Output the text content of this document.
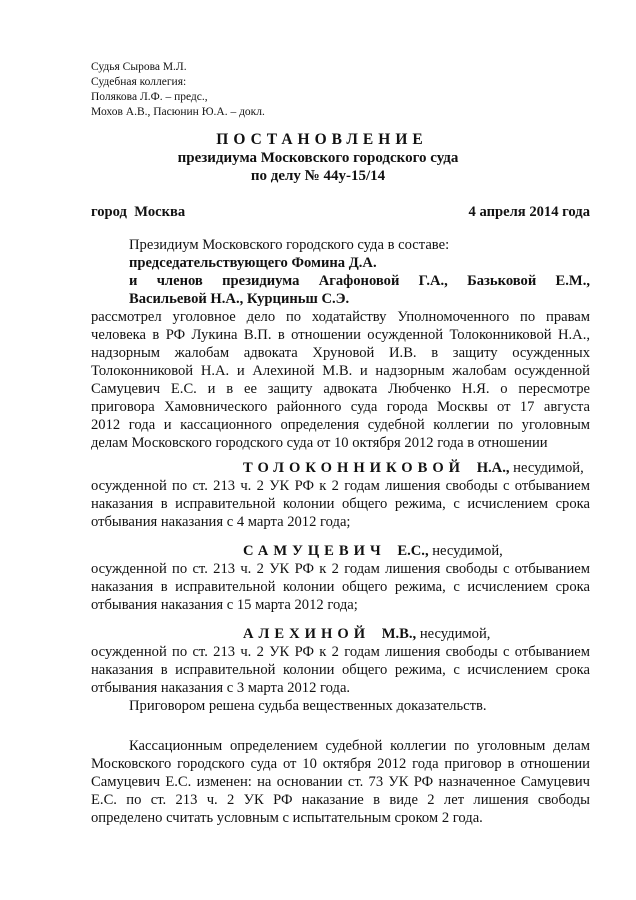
Судья Сырова М.Л.
Судебная коллегия:
Полякова Л.Ф. – предс.,
Мохов А.В., Пасюнин Ю.А. – докл.
ПОСТАНОВЛЕНИЕ
президиума Московского городского суда
по делу № 44у-15/14
город  Москва	4 апреля 2014 года
Президиум Московского городского суда в составе:
председательствующего Фомина Д.А.
и членов президиума Агафоновой Г.А., Базьковой Е.М.,
Васильевой Н.А., Курциньш С.Э.
рассмотрел уголовное дело по ходатайству Уполномоченного по правам
человека в РФ Лукина В.П. в отношении осужденной Толоконниковой Н.А.,
надзорным жалобам адвоката Хруновой И.В. в защиту осужденных
Толоконниковой Н.А. и Алехиной М.В. и надзорным жалобам осужденной
Самуцевич Е.С. и в ее защиту адвоката Любченко Н.Я. о пересмотре
приговора Хамовнического районного суда города Москвы от 17 августа
2012 года и кассационного определения судебной коллегии по уголовным
делам Московского городского суда от 10 октября 2012 года в отношении
ТОЛОКОННИКОВОЙ Н.А., несудимой,
осужденной по ст. 213 ч. 2 УК РФ к 2 годам лишения свободы с отбыванием
наказания в исправительной колонии общего режима, с исчислением срока
отбывания наказания с 4 марта 2012 года;
САМУЦЕВИЧ Е.С., несудимой,
осужденной по ст. 213 ч. 2 УК РФ к 2 годам лишения свободы с отбыванием
наказания в исправительной колонии общего режима, с исчислением срока
отбывания наказания с 15 марта 2012 года;
АЛЕХИНОЙ М.В., несудимой,
осужденной по ст. 213 ч. 2 УК РФ к 2 годам лишения свободы с отбыванием
наказания в исправительной колонии общего режима, с исчислением срока
отбывания наказания с 3 марта 2012 года.
Приговором решена судьба вещественных доказательств.
Кассационным определением судебной коллегии по уголовным делам
Московского городского суда от 10 октября 2012 года приговор в отношении
Самуцевич Е.С. изменен: на основании ст. 73 УК РФ назначенное Самуцевич
Е.С. по ст. 213 ч. 2 УК РФ наказание в виде 2 лет лишения свободы
определено считать условным с испытательным сроком 2 года.
